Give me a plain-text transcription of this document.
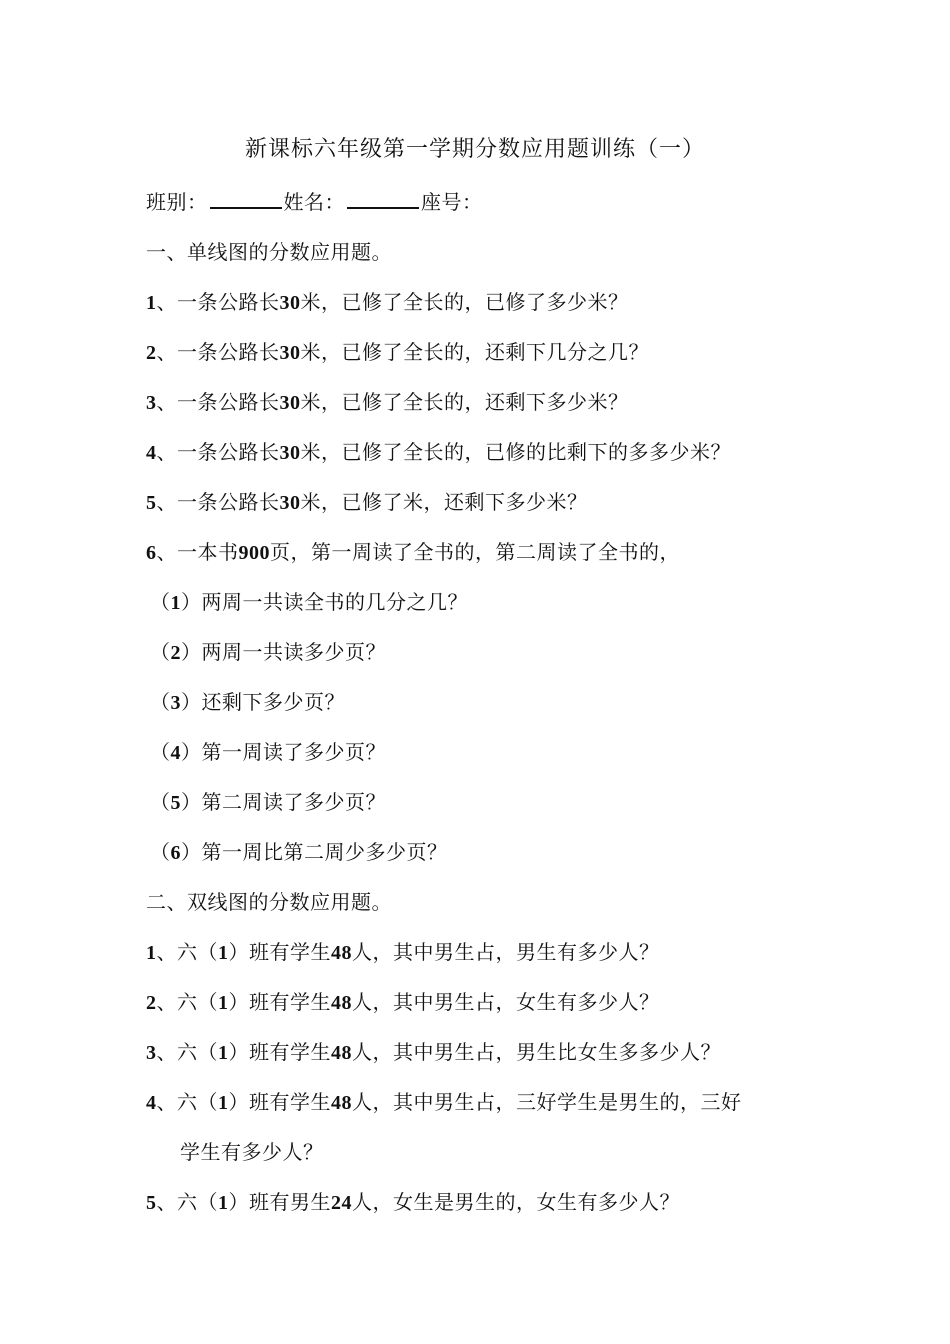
新课标六年级第一学期分数应用题训练（一）
班别：	姓名：	座号：
一、单线图的分数应用题。
1、一条公路长30米，已修了全长的，已修了多少米？
2、一条公路长30米，已修了全长的，还剩下几分之几？
3、一条公路长30米，已修了全长的，还剩下多少米？
4、一条公路长30米，已修了全长的，已修的比剩下的多多少米？
5、一条公路长30米，已修了米，还剩下多少米？
6、一本书900页，第一周读了全书的，第二周读了全书的，
（1）两周一共读全书的几分之几？
（2）两周一共读多少页？
（3）还剩下多少页？
（4）第一周读了多少页？
（5）第二周读了多少页？
（6）第一周比第二周少多少页？
二、双线图的分数应用题。
1、六（1）班有学生48人，其中男生占，男生有多少人？
2、六（1）班有学生48人，其中男生占，女生有多少人？
3、六（1）班有学生48人，其中男生占，男生比女生多多少人？
4、六（1）班有学生48人，其中男生占，三好学生是男生的，三好
学生有多少人？
5、六（1）班有男生24人，女生是男生的，女生有多少人？
